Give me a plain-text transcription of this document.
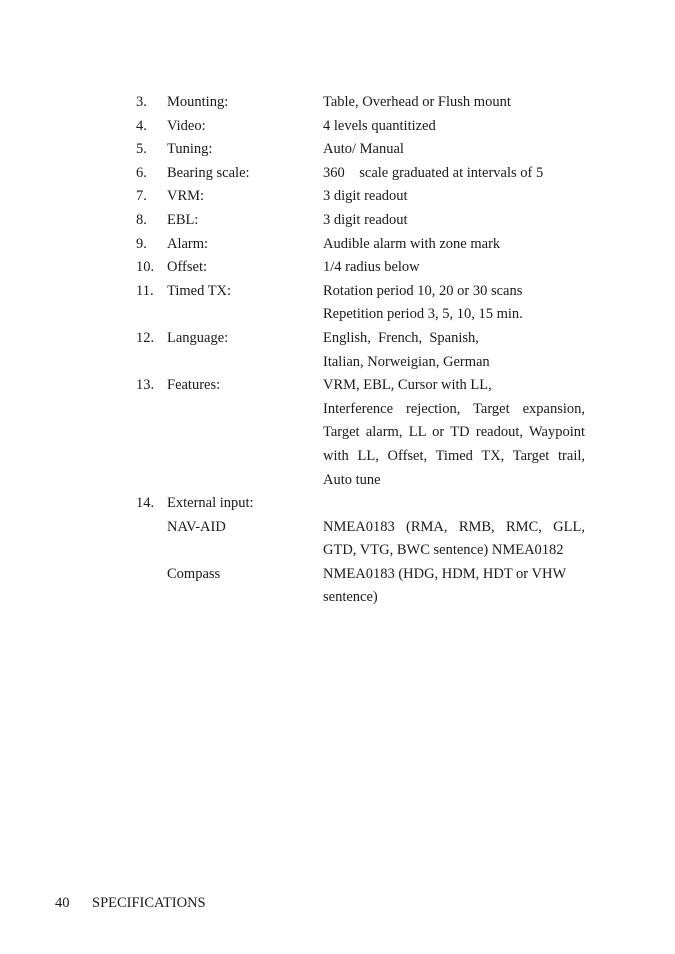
3.	Mounting:	Table, Overhead or Flush mount
4.	Video:	4 levels quantitized
5.	Tuning:	Auto/ Manual
6.	Bearing scale:	360    scale graduated at intervals of 5
7.	VRM:	3 digit readout
8.	EBL:	3 digit readout
9.	Alarm:	Audible alarm with zone mark
10. Offset:	1/4 radius below
11. Timed TX:	Rotation period 10, 20 or 30 scans
Repetition period 3, 5, 10, 15 min.
12. Language:	English,  French,  Spanish,
Italian, Norweigian, German
13. Features:	VRM, EBL, Cursor with LL,
Interference rejection, Target expansion,
Target alarm, LL or TD readout, Waypoint
with LL, Offset, Timed TX, Target trail,
Auto tune
14. External input:
NAV-AID	NMEA0183 (RMA, RMB, RMC, GLL,
GTD, VTG, BWC sentence) NMEA0182
Compass	NMEA0183 (HDG, HDM, HDT or VHW
sentence)
40 SPECIFICATIONS
